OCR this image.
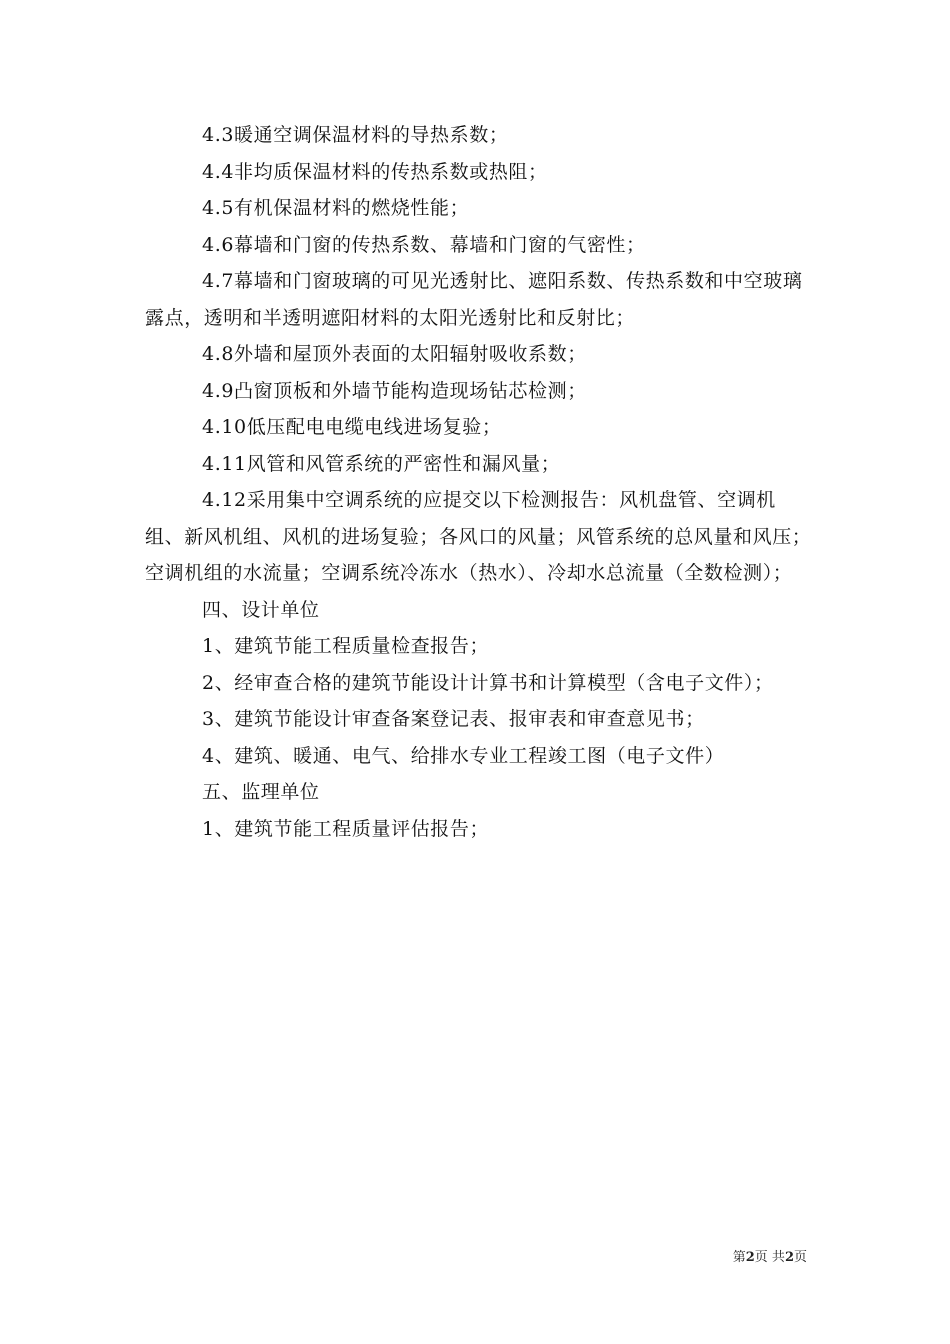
4.3暖通空调保温材料的导热系数；

4.4非均质保温材料的传热系数或热阻；

4.5有机保温材料的燃烧性能；

4.6幕墙和门窗的传热系数、幕墙和门窗的气密性；

4.7幕墙和门窗玻璃的可见光透射比、遮阳系数、传热系数和中空玻璃露点，透明和半透明遮阳材料的太阳光透射比和反射比；

4.8外墙和屋顶外表面的太阳辐射吸收系数；

4.9凸窗顶板和外墙节能构造现场钻芯检测；

4.10低压配电电缆电线进场复验；

4.11风管和风管系统的严密性和漏风量；

4.12采用集中空调系统的应提交以下检测报告：风机盘管、空调机组、新风机组、风机的进场复验；各风口的风量；风管系统的总风量和风压；空调机组的水流量；空调系统冷冻水（热水）、冷却水总流量（全数检测）；

四、设计单位

1、建筑节能工程质量检查报告；

2、经审查合格的建筑节能设计计算书和计算模型（含电子文件）；

3、建筑节能设计审查备案登记表、报审表和审查意见书；

4、建筑、暖通、电气、给排水专业工程竣工图（电子文件）

五、监理单位

1、建筑节能工程质量评估报告；

第2页 共2页
